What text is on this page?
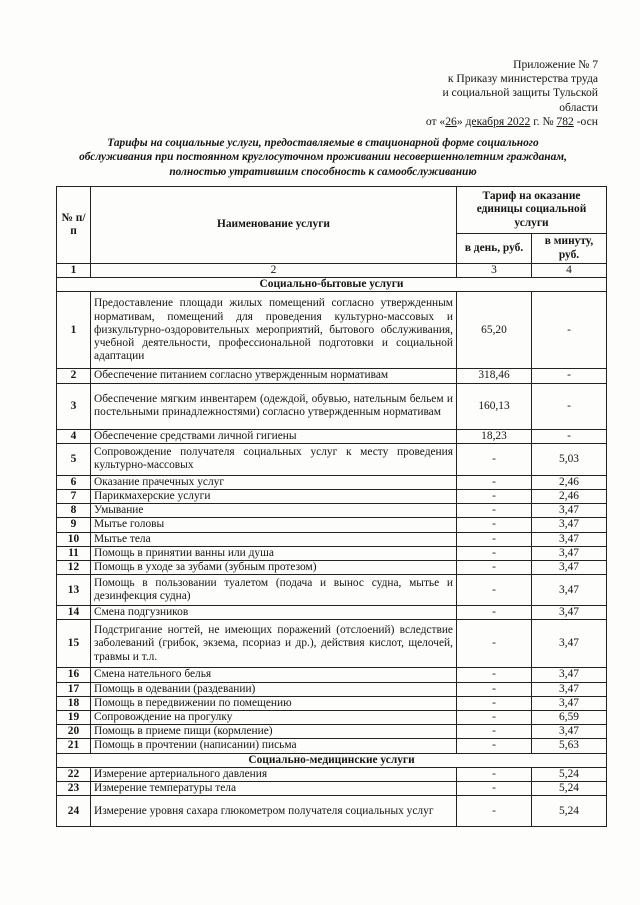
Приложение № 7
к Приказу министерства труда
и социальной защиты Тульской
области
от «26» декабря 2022 г. № 782 -осн
Тарифы на социальные услуги, предоставляемые в стационарной форме социального обслуживания при постоянном круглосуточном проживании несовершеннолетним гражданам, полностью утратившим способность к самообслуживанию
№ п/п	Наименование услуги	Тариф на оказание единицы социальной услуги	
		в день, руб.	в минуту, руб.
1	2	3	4
Социально-бытовые услуги			
1	Предоставление площади жилых помещений согласно утвержденным нормативам, помещений для проведения культурно-массовых и физкультурно-оздоровительных мероприятий, бытового обслуживания, учебной деятельности, профессиональной подготовки и социальной адаптации	65,20	-
2	Обеспечение питанием согласно утвержденным нормативам	318,46	-
3	Обеспечение мягким инвентарем (одеждой, обувью, нательным бельем и постельными принадлежностями) согласно утвержденным нормативам	160,13	-
4	Обеспечение средствами личной гигиены	18,23	-
5	Сопровождение получателя социальных услуг к месту проведения культурно-массовых	-	5,03
6	Оказание прачечных услуг	-	2,46
7	Парикмахерские услуги	-	2,46
8	Умывание	-	3,47
9	Мытье головы	-	3,47
10	Мытье тела	-	3,47
11	Помощь в принятии ванны или душа	-	3,47
12	Помощь в уходе за зубами (зубным протезом)	-	3,47
13	Помощь в пользовании туалетом (подача и вынос судна, мытье и дезинфекция судна)	-	3,47
14	Смена подгузников	-	3,47
15	Подстригание ногтей, не имеющих поражений (отслоений) вследствие заболеваний (грибок, экзема, псориаз и др.), действия кислот, щелочей, травмы и т.л.	-	3,47
16	Смена нательного белья	-	3,47
17	Помощь в одевании (раздевании)	-	3,47
18	Помощь в передвижении по помещению	-	3,47
19	Сопровождение на прогулку	-	6,59
20	Помощь в приеме пищи (кормление)	-	3,47
21	Помощь в прочтении (написании) письма	-	5,63
Социально-медицинские услуги			
22	Измерение артериального давления	-	5,24
23	Измерение температуры тела	-	5,24
24	Измерение уровня сахара глюкометром получателя социальных услуг	-	5,24
